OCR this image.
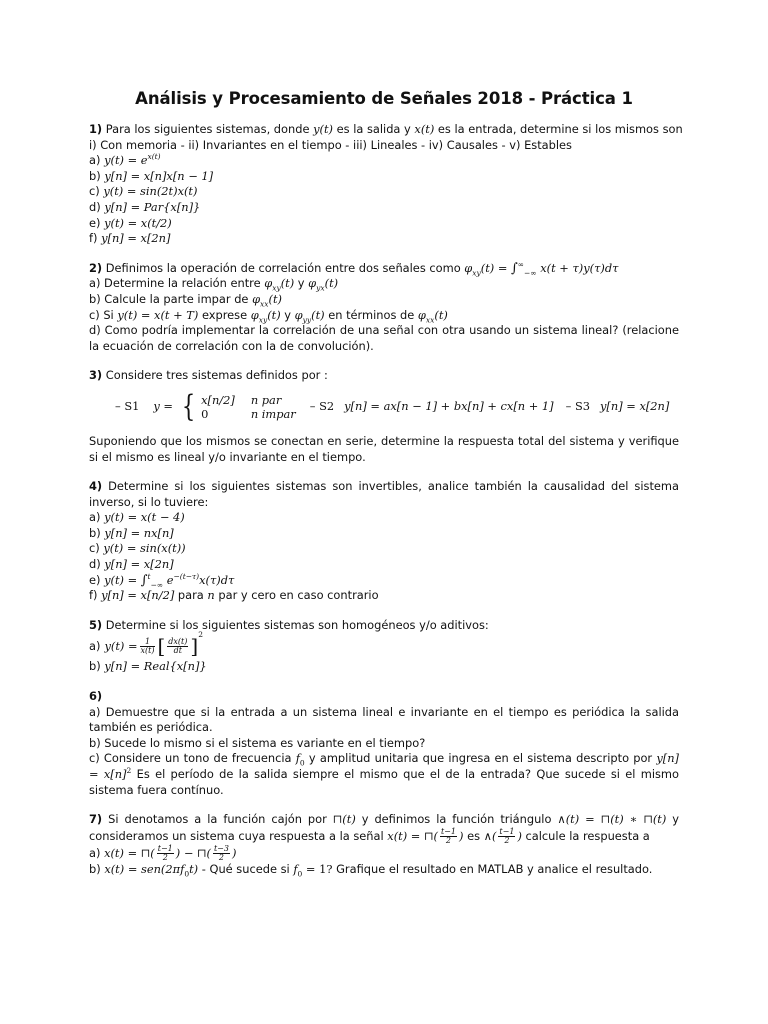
Análisis y Procesamiento de Señales 2018 - Práctica 1
1) Para los siguientes sistemas, donde y(t) es la salida y x(t) es la entrada, determine si los mismos son
i) Con memoria - ii) Invariantes en el tiempo - iii) Lineales - iv) Causales - v) Estables
a) $y(t) = e^{x(t)}$
b) y[n] = x[n]x[n − 1]
c) y(t) = sin(2t)x(t)
d) y[n] = Par{x[n]}
e) y(t) = x(t/2)
f) y[n] = x[2n]
2) Definimos la operación de correlación entre dos señales como $\varphi_{xy}(t) = \int^\infty_{-\infty}$ x(t + τ)y(τ)dτ
a) Determine la relación entre $\varphi_{xy}(t)$ y $\varphi_{yx}(t)$
b) Calcule la parte impar de $\varphi_{xx}(t)$
c) Si y(t) = x(t + T) exprese $\varphi_{xy}(t)$ y $\varphi_{yy}(t)$ en términos de $\varphi_{xx}(t)$
d) Como podría implementar la correlación de una señal con otra usando un sistema lineal? (relacione la ecuación de correlación con la de convolución).
3) Considere tres sistemas definidos por :
– S1 y = { x[n/2] n par
0	n impar
– S2 y[n] = ax[n − 1] + bx[n] + cx[n + 1] – S3 y[n] = x[2n]
Suponiendo que los mismos se conectan en serie, determine la respuesta total del sistema y verifique si el mismo es lineal y/o invariante en el tiempo.
4) Determine si los siguientes sistemas son invertibles, analice también la causalidad del sistema inverso, si lo tuviere:
a) y(t) = x(t − 4)
b) y[n] = nx[n]
c) y(t) = sin(x(t))
d) y[n] = x[2n]
e) y(t) = ∫$^t_{-\infty}$ $e^{-(t-\tau)}x(\tau)d\tau$
f) y[n] = x[n/2] para n par y cero en caso contrario
5) Determine si los siguientes sistemas son homogéneos y/o aditivos:
a) $y(t) = \frac{1}{x(t)}$ [ $\frac{dx(t)}{dt}$ ] 2
b) y[n] = Real{x[n]}
6)
a) Demuestre que si la entrada a un sistema lineal e invariante en el tiempo es periódica la salida también es periódica.
b) Sucede lo mismo si el sistema es variante en el tiempo?
c) Considere un tono de frecuencia $f_0$ y amplitud unitaria que ingresa en el sistema descripto por $y[n] = x[n]^2$ Es el período de la salida siempre el mismo que el de la entrada? Que sucede si el mismo sistema fuera contínuo.
7) Si denotamos a la función cajón por ⊓(t) y definimos la función triángulo ∧(t) = ⊓(t) ∗ ⊓(t) y consideramos un sistema cuya respuesta a la señal x(t) = ⊓( $\frac{t-1}{2}$ ) es ∧( $\frac{t-1}{2}$ ) calcule la respuesta a
a) x(t) = ⊓( $\frac{t-1}{2}$ ) − ⊓( $\frac{t-3}{2}$ )
b) $x(t) = sen(2\pi f_0t)$ - Qué sucede si $f_0 = 1$? Grafique el resultado en MATLAB y analice el resultado.
